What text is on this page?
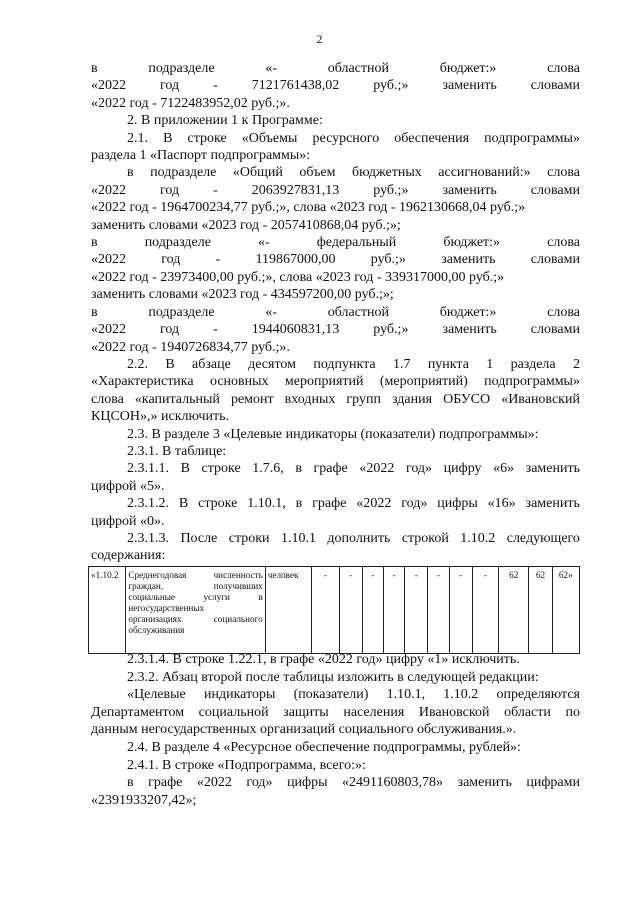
2
в	подразделе	«-	областной	бюджет:»	слова
«2022 год - 7121761438,02 руб.;» заменить словами
«2022 год - 7122483952,02 руб.;».
2. В приложении 1 к Программе:
2.1. В строке «Объемы ресурсного обеспечения подпрограммы»
раздела 1 «Паспорт подпрограммы»:
в подразделе «Общий объем бюджетных ассигнований:» слова
«2022 год - 2063927831,13 руб.;» заменить словами
«2022 год - 1964700234,77 руб.;», слова «2023 год - 1962130668,04 руб.;»
заменить словами «2023 год - 2057410868,04 руб.;»;
в	подразделе	«-	федеральный	бюджет:»	слова
«2022	год	-	119867000,00	руб.;»	заменить	словами
«2022 год - 23973400,00 руб.;», слова «2023 год - 339317000,00 руб.;»
заменить словами «2023 год - 434597200,00 руб.;»;
в	подразделе	«-	областной	бюджет:»	слова
«2022 год - 1944060831,13 руб.;» заменить словами
«2022 год - 1940726834,77 руб.;».
2.2. В абзаце десятом подпункта 1.7 пункта 1 раздела 2
«Характеристика основных мероприятий (мероприятий) подпрограммы»
слова «капитальный ремонт входных групп здания ОБУСО «Ивановский
КЦСОН»,» исключить.
2.3. В разделе 3 «Целевые индикаторы (показатели) подпрограммы»:
2.3.1. В таблице:
2.3.1.1. В строке 1.7.6, в графе «2022 год» цифру «6» заменить
цифрой «5».
2.3.1.2. В строке 1.10.1, в графе «2022 год» цифры «16» заменить
цифрой «0».
2.3.1.3. После строки 1.10.1 дополнить строкой 1.10.2 следующего
содержания:
«1.10.2	Среднегодовая	численность
граждан,	получивших
социальные	услуги	в
негосударственных
организациях	социального
обслуживания
	человек	-	-	-	-	-	-	-	-	62	62	62»
2.3.1.4. В строке 1.22.1, в графе «2022 год» цифру «1» исключить.
2.3.2. Абзац второй после таблицы изложить в следующей редакции:
«Целевые индикаторы (показатели) 1.10.1, 1.10.2 определяются
Департаментом социальной защиты населения Ивановской области по
данным негосударственных организаций социального обслуживания.».
2.4. В разделе 4 «Ресурсное обеспечение подпрограммы, рублей»:
2.4.1. В строке «Подпрограмма, всего:»:
в графе «2022 год» цифры «2491160803,78» заменить цифрами
«2391933207,42»;
